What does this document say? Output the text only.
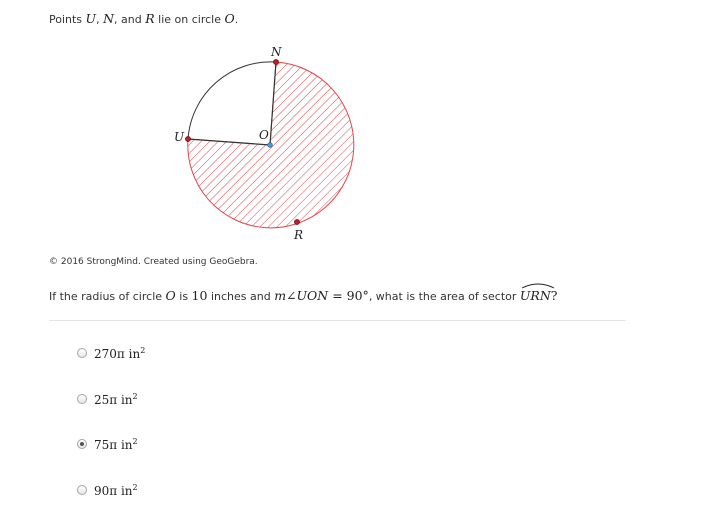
Points U, N, and R lie on circle O.
N
U	O
R
© 2016 StrongMind. Created using GeoGebra.
If the radius of circle O is 10 inches and m∠UON = 90°, what is the area of sector URN
?
270π $in^2$
25π $in^2$
75π $in^2$
90π $in^2$
